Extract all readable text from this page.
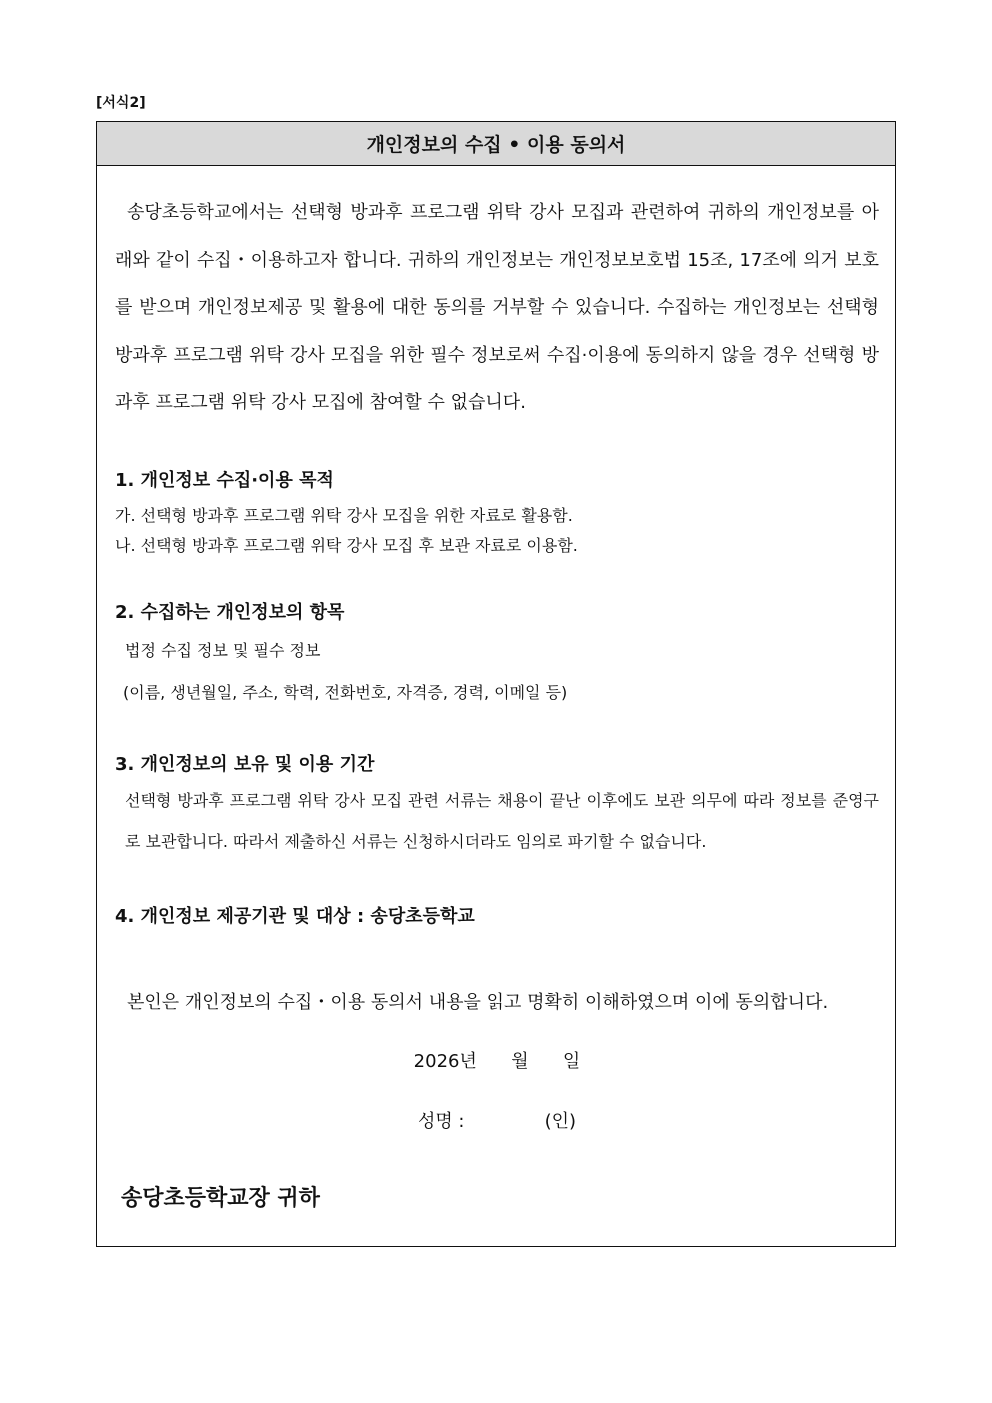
[서식2]
개인정보의 수집 • 이용 동의서

송당초등학교에서는 선택형 방과후 프로그램 위탁 강사 모집과 관련하여 귀하의 개인정보를 아래와 같이 수집・이용하고자 합니다. 귀하의 개인정보는 개인정보보호법 15조, 17조에 의거 보호를 받으며 개인정보제공 및 활용에 대한 동의를 거부할 수 있습니다. 수집하는 개인정보는 선택형 방과후 프로그램 위탁 강사 모집을 위한 필수 정보로써 수집·이용에 동의하지 않을 경우 선택형 방과후 프로그램 위탁 강사 모집에 참여할 수 없습니다.

1. 개인정보 수집·이용 목적

가. 선택형 방과후 프로그램 위탁 강사 모집을 위한 자료로 활용함.

나. 선택형 방과후 프로그램 위탁 강사 모집 후 보관 자료로 이용함.

2. 수집하는 개인정보의 항목

법정 수집 정보 및 필수 정보

(이름, 생년월일, 주소, 학력, 전화번호, 자격증, 경력, 이메일 등)

3. 개인정보의 보유 및 이용 기간

선택형 방과후 프로그램 위탁 강사 모집 관련 서류는 채용이 끝난 이후에도 보관 의무에 따라 정보를 준영구로 보관합니다. 따라서 제출하신 서류는 신청하시더라도 임의로 파기할 수 없습니다.

4. 개인정보 제공기관 및 대상 : 송당초등학교

본인은 개인정보의 수집・이용 동의서 내용을 읽고 명확히 이해하였으며 이에 동의합니다.

2026년      월      일

성명 :              (인)

송당초등학교장 귀하
